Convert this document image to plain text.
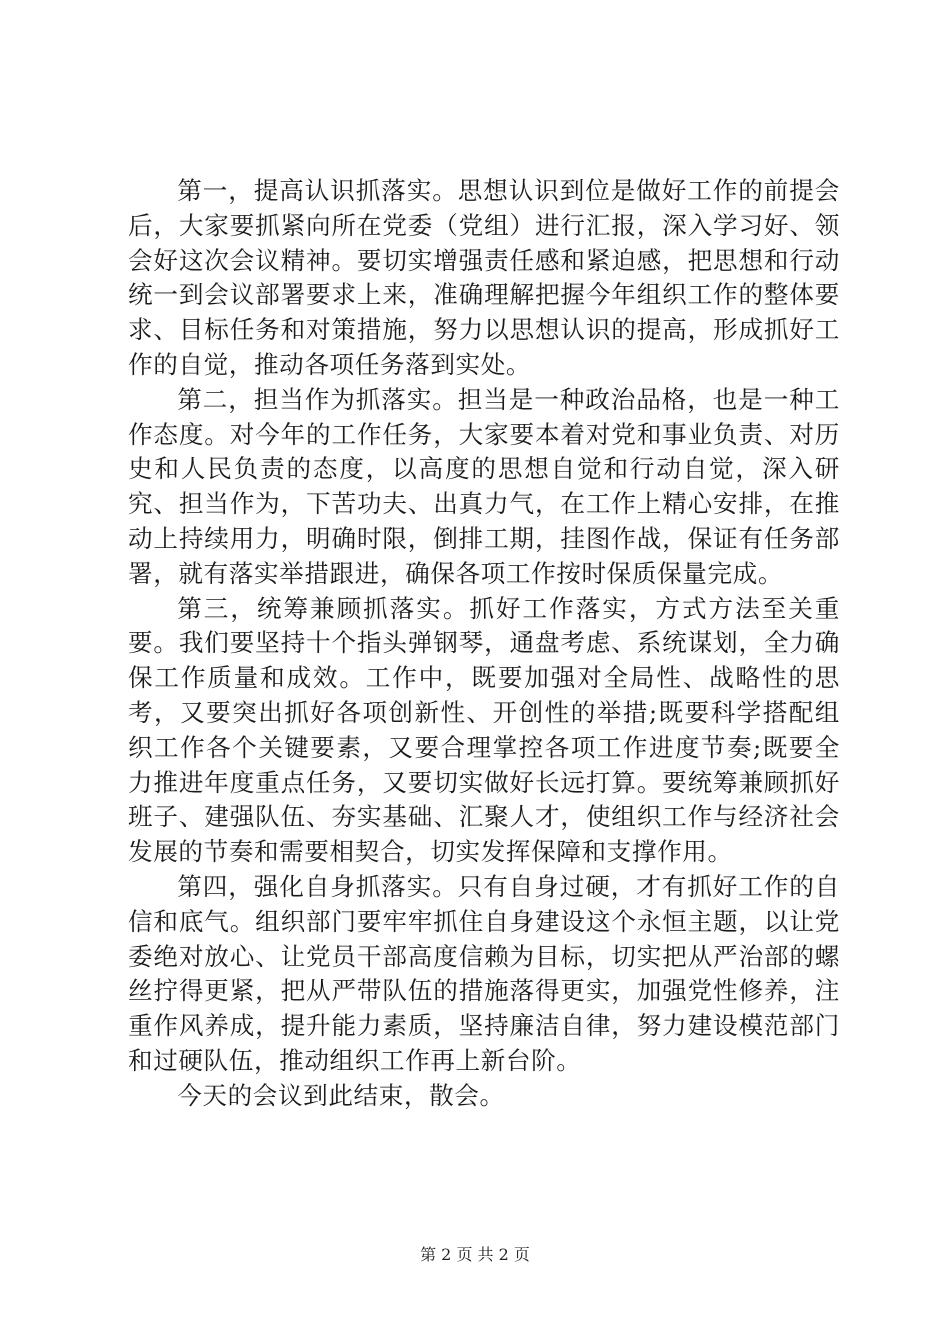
第一，提高认识抓落实。思想认识到位是做好工作的前提会后，大家要抓紧向所在党委（党组）进行汇报，深入学习好、领会好这次会议精神。要切实增强责任感和紧迫感，把思想和行动统一到会议部署要求上来，准确理解把握今年组织工作的整体要求、目标任务和对策措施，努力以思想认识的提高，形成抓好工作的自觉，推动各项任务落到实处。

第二，担当作为抓落实。担当是一种政治品格，也是一种工作态度。对今年的工作任务，大家要本着对党和事业负责、对历史和人民负责的态度，以高度的思想自觉和行动自觉，深入研究、担当作为，下苦功夫、出真力气，在工作上精心安排，在推动上持续用力，明确时限，倒排工期，挂图作战，保证有任务部署，就有落实举措跟进，确保各项工作按时保质保量完成。

第三，统筹兼顾抓落实。抓好工作落实，方式方法至关重要。我们要坚持十个指头弹钢琴，通盘考虑、系统谋划，全力确保工作质量和成效。工作中，既要加强对全局性、战略性的思考，又要突出抓好各项创新性、开创性的举措;既要科学搭配组织工作各个关键要素，又要合理掌控各项工作进度节奏;既要全力推进年度重点任务，又要切实做好长远打算。要统筹兼顾抓好班子、建强队伍、夯实基础、汇聚人才，使组织工作与经济社会发展的节奏和需要相契合，切实发挥保障和支撑作用。

第四，强化自身抓落实。只有自身过硬，才有抓好工作的自信和底气。组织部门要牢牢抓住自身建设这个永恒主题，以让党委绝对放心、让党员干部高度信赖为目标，切实把从严治部的螺丝拧得更紧，把从严带队伍的措施落得更实，加强党性修养，注重作风养成，提升能力素质，坚持廉洁自律，努力建设模范部门和过硬队伍，推动组织工作再上新台阶。

今天的会议到此结束，散会。

第 2 页 共 2 页
